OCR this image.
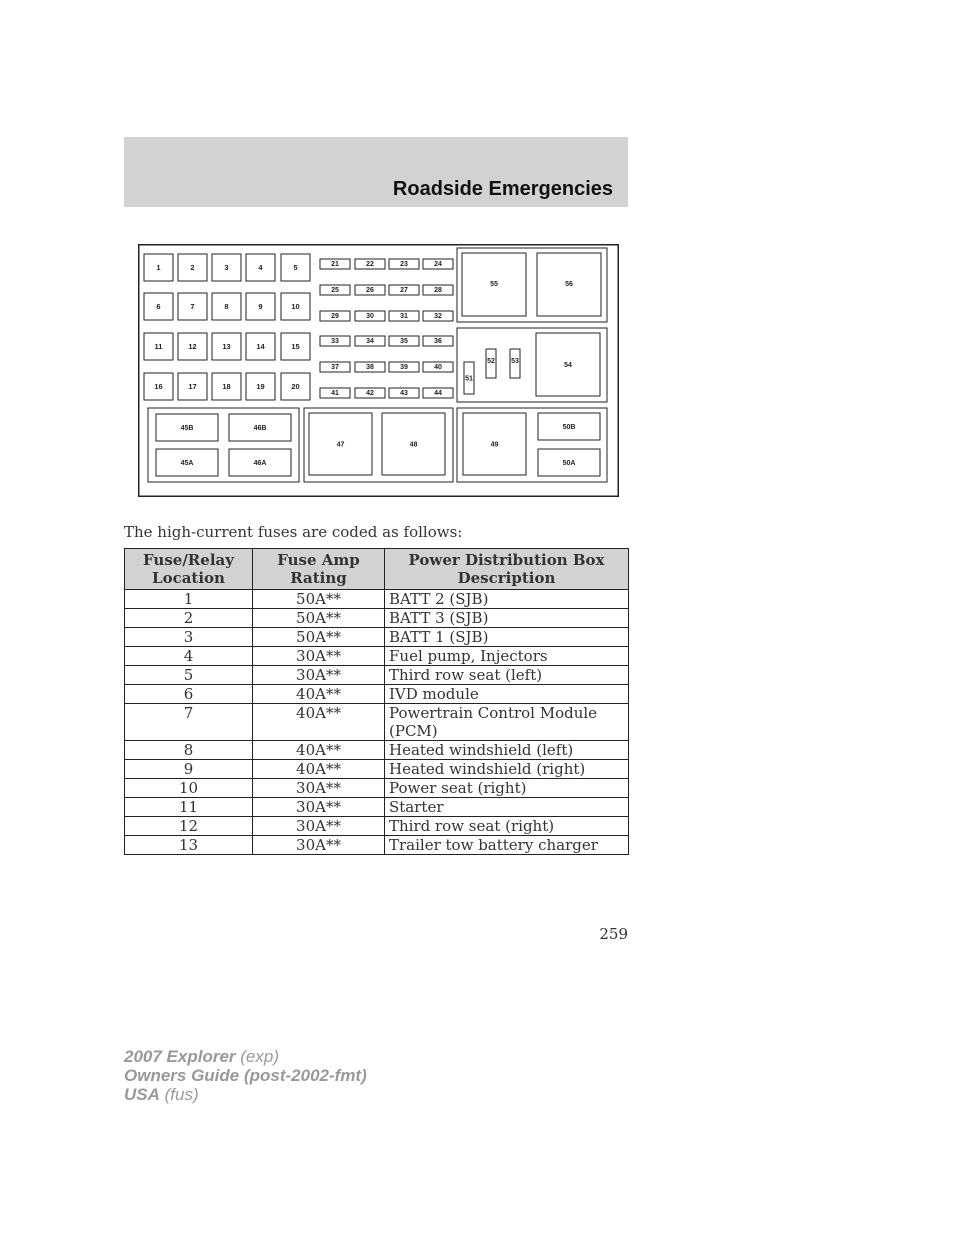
Roadside Emergencies
1	2	3	4	5
6	7	8	9	10
11	12	13	14	15
16	17	18	19	20
21	22	23	24
25	26	27	28
29	30	31	32
33	34	35	36
37	38	39	40
41	42	43	44
45B	46B
45A	46A
47	48	49
50B
50A
51
52 53
54
55	56
The high-current fuses are coded as follows:
Fuse/Relay Location	Fuse Amp Rating	Power Distribution Box Description
1	50A**	BATT 2 (SJB)
2	50A**	BATT 3 (SJB)
3	50A**	BATT 1 (SJB)
4	30A**	Fuel pump, Injectors
5	30A**	Third row seat (left)
6	40A**	IVD module
7	40A**	Powertrain Control Module (PCM)
8	40A**	Heated windshield (left)
9	40A**	Heated windshield (right)
10	30A**	Power seat (right)
11	30A**	Starter
12	30A**	Third row seat (right)
13	30A**	Trailer tow battery charger
259
2007 Explorer (exp)
Owners Guide (post-2002-fmt)
USA (fus)
